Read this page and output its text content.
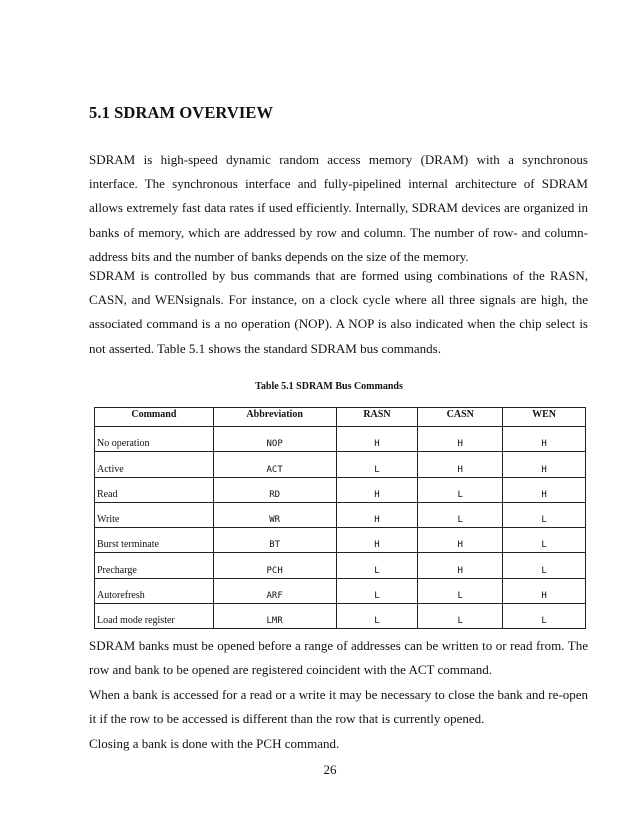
5.1 SDRAM OVERVIEW

SDRAM is high-speed dynamic random access memory (DRAM) with a synchronous interface. The synchronous interface and fully-pipelined internal architecture of SDRAM allows extremely fast data rates if used efficiently. Internally, SDRAM devices are organized in banks of memory, which are addressed by row and column. The number of row- and column-address bits and the number of banks depends on the size of the memory.

SDRAM is controlled by bus commands that are formed using combinations of the RASN, CASN, and WENsignals. For instance, on a clock cycle where all three signals are high, the associated command is a no operation (NOP). A NOP is also indicated when the chip select is not asserted. Table 5.1 shows the standard SDRAM bus commands.

Table 5.1 SDRAM Bus Commands
Command	Abbreviation	RASN	CASN	WEN
No operation	NOP	H	H	H
Active	ACT	L	H	H
Read	RD	H	L	H
Write	WR	H	L	L
Burst terminate	BT	H	H	L
Precharge	PCH	L	H	L
Autorefresh	ARF	L	L	H
Load mode register	LMR	L	L	L

SDRAM banks must be opened before a range of addresses can be written to or read from. The row and bank to be opened are registered coincident with the ACT command.

When a bank is accessed for a read or a write it may be necessary to close the bank and re-open it if the row to be accessed is different than the row that is currently opened.

Closing a bank is done with the PCH command.

26
